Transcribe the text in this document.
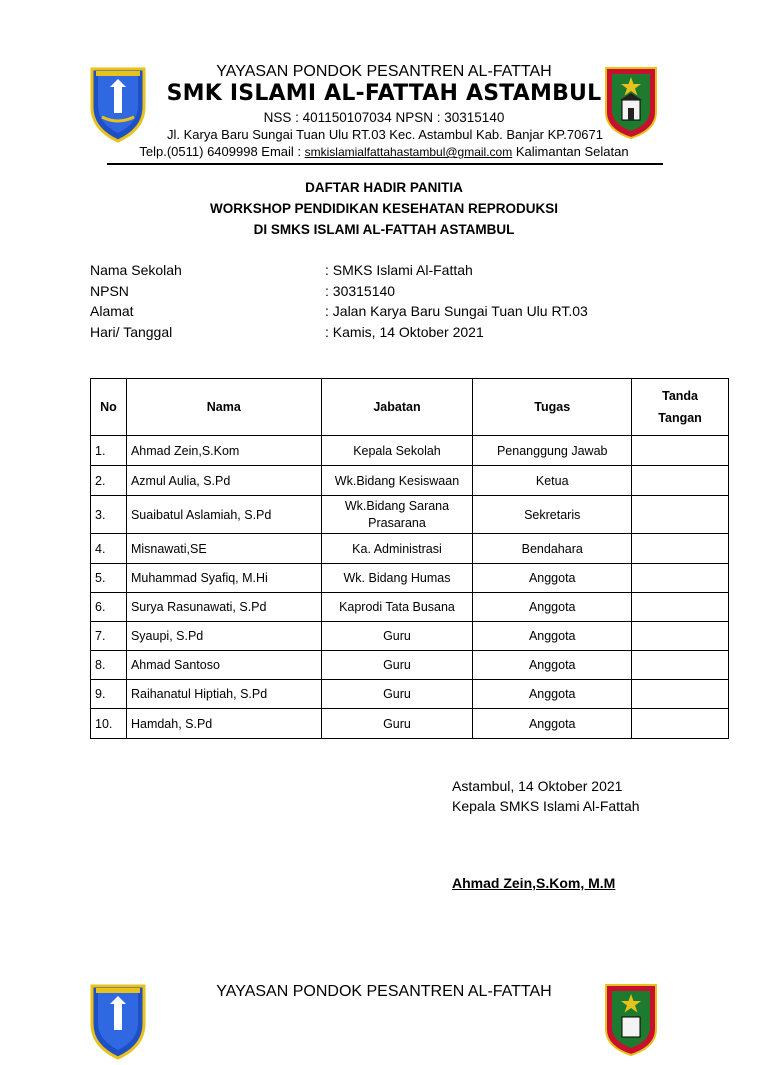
YAYASAN PONDOK PESANTREN AL-FATTAH
SMK ISLAMI AL-FATTAH ASTAMBUL
NSS : 401150107034 NPSN : 30315140
Jl. Karya Baru Sungai Tuan Ulu RT.03 Kec. Astambul Kab. Banjar KP.70671
Telp.(0511) 6409998 Email : smkislamialfattahastambul@gmail.com Kalimantan Selatan
DAFTAR HADIR PANITIA
WORKSHOP PENDIDIKAN KESEHATAN REPRODUKSI
DI SMKS ISLAMI AL-FATTAH ASTAMBUL
Nama Sekolah	: SMKS Islami Al-Fattah
NPSN	: 30315140
Alamat	: Jalan Karya Baru Sungai Tuan Ulu RT.03
Hari/ Tanggal	: Kamis, 14 Oktober 2021
No	Nama	Jabatan	Tugas	Tanda
Tangan

1.	Ahmad Zein,S.Kom	Kepala Sekolah	Penanggung Jawab	
2.	Azmul Aulia, S.Pd	Wk.Bidang Kesiswaan	Ketua	
3.	Suaibatul Aslamiah, S.Pd	Wk.Bidang Sarana
Prasarana	Sekretaris	
4.	Misnawati,SE	Ka. Administrasi	Bendahara	
5.	Muhammad Syafiq, M.Hi	Wk. Bidang Humas	Anggota	
6.	Surya Rasunawati, S.Pd	Kaprodi Tata Busana	Anggota	
7.	Syaupi, S.Pd	Guru	Anggota	
8.	Ahmad Santoso	Guru	Anggota	
9.	Raihanatul Hiptiah, S.Pd	Guru	Anggota	
10.	Hamdah, S.Pd	Guru	Anggota	
Astambul, 14 Oktober 2021
Kepala SMKS Islami Al-Fattah
Ahmad Zein,S.Kom, M.M
YAYASAN PONDOK PESANTREN AL-FATTAH
